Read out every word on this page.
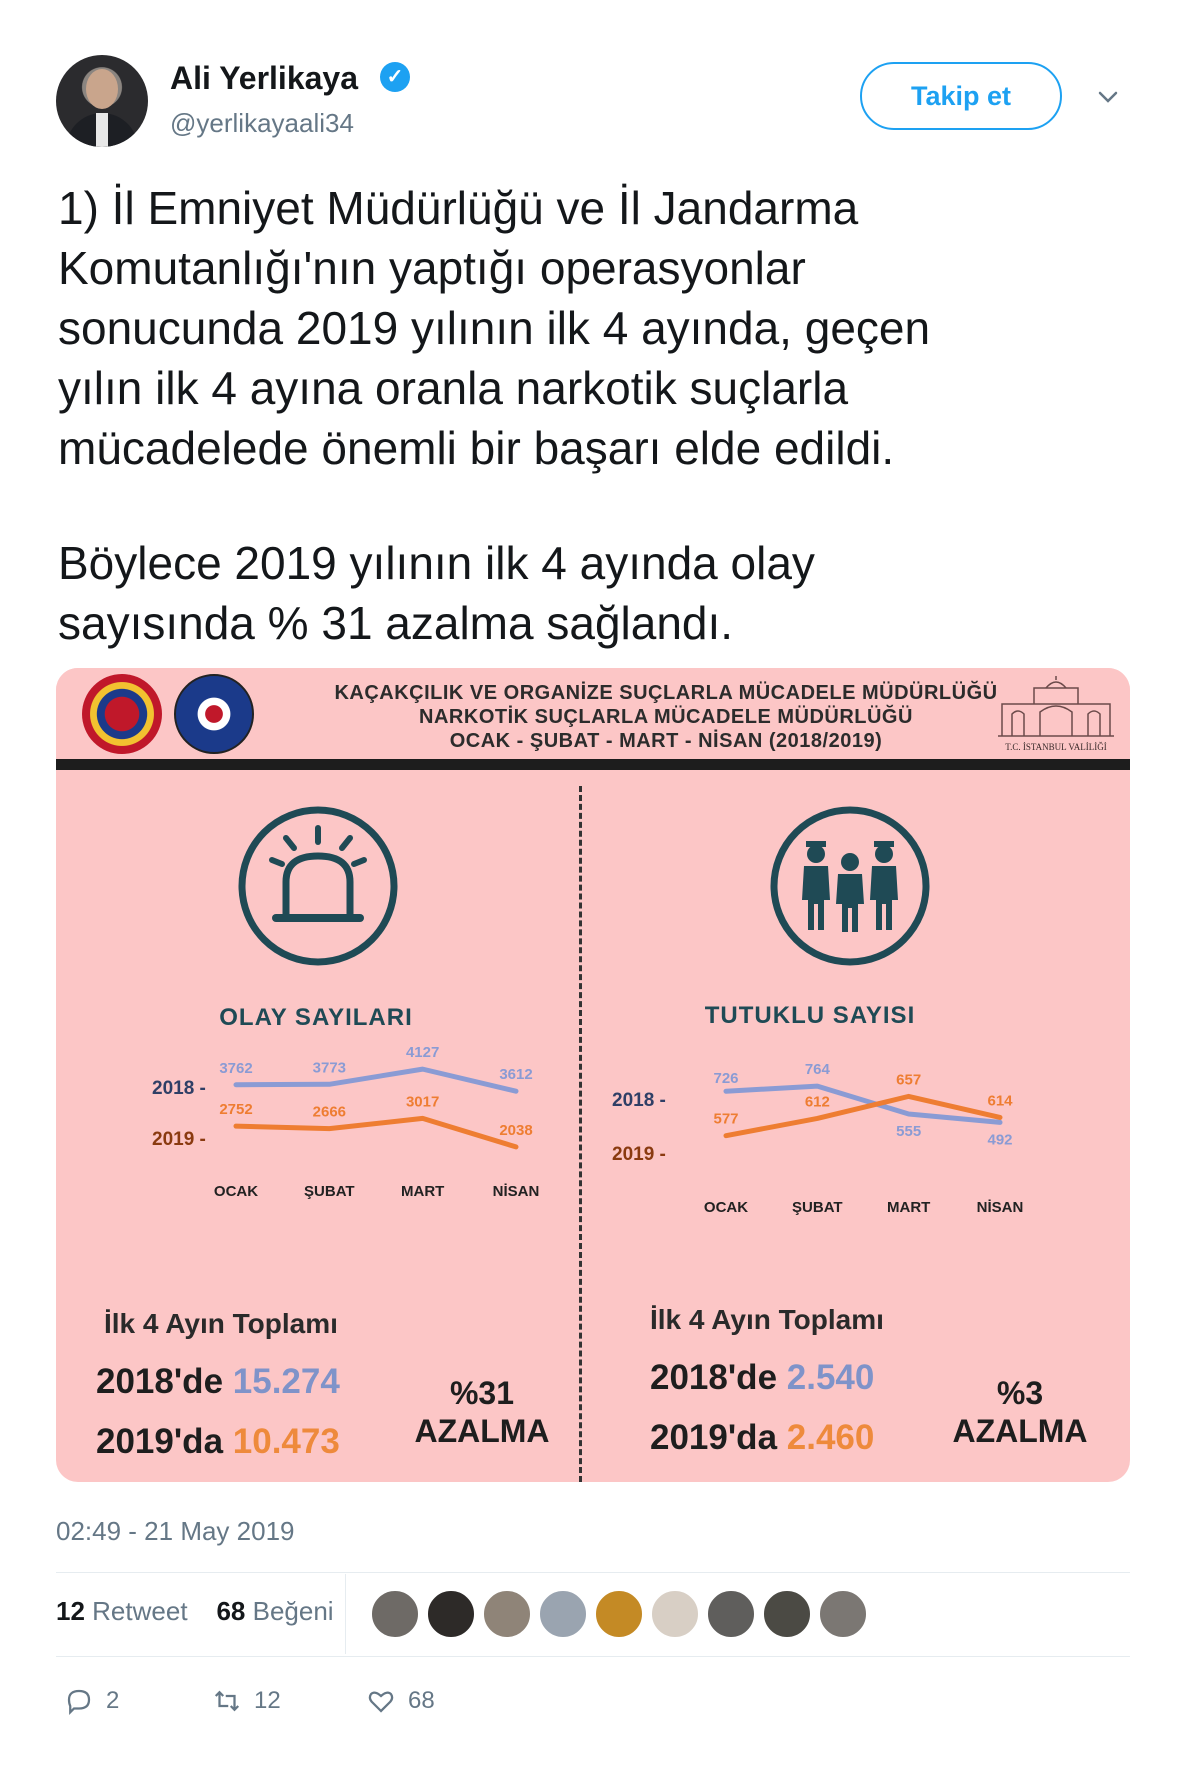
Ali Yerlikaya	✓
@yerlikayaali34
Takip et

1) İl Emniyet Müdürlüğü ve İl Jandarma
Komutanlığı'nın yaptığı operasyonlar
sonucunda 2019 yılının ilk 4 ayında, geçen
yılın ilk 4 ayına oranla narkotik suçlarla
mücadelede önemli bir başarı elde edildi.

Böylece 2019 yılının ilk 4 ayında olay
sayısında % 31 azalma sağlandı.

KAÇAKÇILIK VE ORGANİZE SUÇLARLA MÜCADELE MÜDÜRLÜĞÜ
NARKOTİK SUÇLARLA MÜCADELE MÜDÜRLÜĞÜ
OCAK - ŞUBAT - MART - NİSAN (2018/2019)	T.C. İSTANBUL VALİLİĞİ
OLAY SAYILARI
2018 -
3762	3773
4127
3612
2019 -
2752	2666
3017
2038
OCAK	ŞUBAT	MART	NİSAN
TUTUKLU SAYISI
2018 -
726
764
555	492
2019 -
577
612
657
614
OCAK	ŞUBAT	MART	NİSAN
İlk 4 Ayın Toplamı
2018'de 15.274
2019'da 10.473
%31
AZALMA
İlk 4 Ayın Toplamı
2018'de 2.540
2019'da 2.460
%3
AZALMA
02:49 - 21 May 2019
12 Retweet 68 Beğeni
2	12	68
